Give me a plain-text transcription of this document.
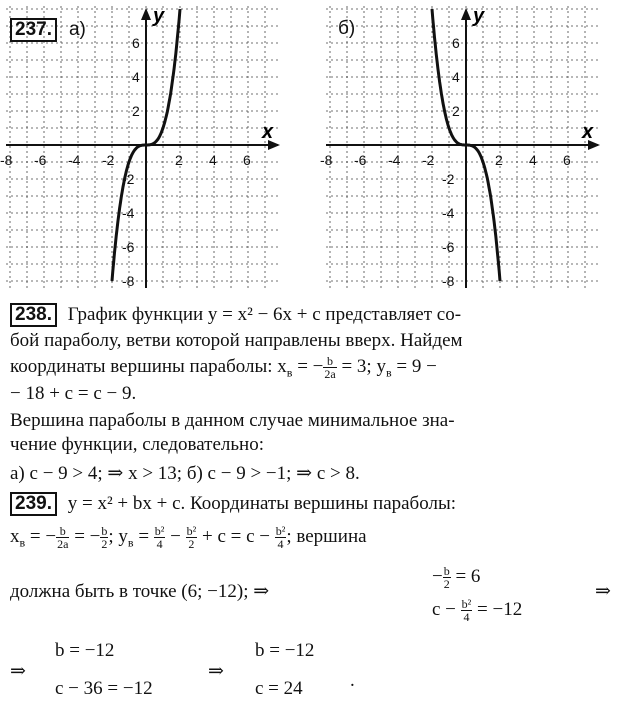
x
y
-8 -6 -4 -2	2 4 6
6
4
2
-2
-4
-6
-8
237. а)
x
y
-8 -6 -4 -2	2 4 6
6
4
2
-2
-4
-6
-8
б)
238. График функции y = x² − 6x + c представляет со-
бой параболу, ветви которой направлены вверх. Найдем
координаты вершины параболы: $x_в$ = − $\frac{b}{2a} = 3$; $y_в = 9$ −
− 18 + c = c − 9.
Вершина параболы в данном случае минимальное зна-
чение функции, следовательно:
а) c − 9 > 4; ⇒ x > 13; б) c − 9 > −1; ⇒ c > 8.
239. y = x² + bx + c. Координаты вершины параболы:
$x_в$ = − $\frac{b}{2a}$ = − $\frac{b}{2}$ ; $y_в = \frac{\text{b²}}{4} - \frac{\text{b²}}{2} + c = c - \frac{\text{b²}}{4}$ ; вершина
должна быть в точке (6; −12); ⇒
− $\frac{b}{2} = 6$
$c - \frac{\text{b²}}{4} = -12$
⇒
⇒
b = −12
c − 36 = −12
⇒
b = −12
c = 24 .
